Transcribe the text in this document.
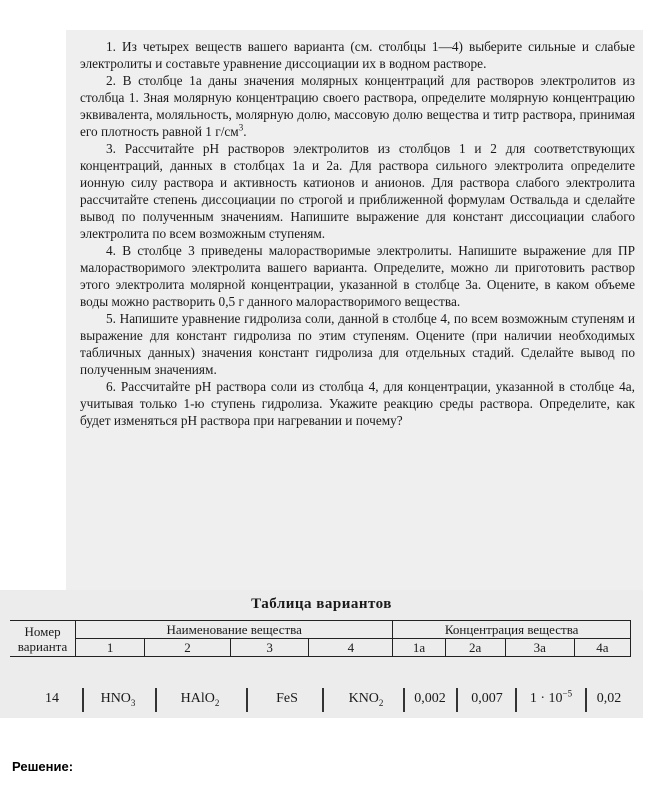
1. Из четырех веществ вашего варианта (см. столбцы 1—4) выберите сильные и слабые электролиты и составьте уравнение диссоциации их в водном растворе.

2. В столбце 1а даны значения молярных концентраций для растворов электролитов из столбца 1. Зная молярную концентрацию своего раствора, определите молярную концентрацию эквивалента, моляльность, молярную долю, массовую долю вещества и титр раствора, принимая его плотность равной 1 $г/см^3$.

3. Рассчитайте рН растворов электролитов из столбцов 1 и 2 для соответствующих концентраций, данных в столбцах 1а и 2а. Для раствора сильного электролита определите ионную силу раствора и активность катионов и анионов. Для раствора слабого электролита рассчитайте степень диссоциации по строгой и приближенной формулам Оствальда и сделайте вывод по полученным значениям. Напишите выражение для констант диссоциации слабого электролита по всем возможным ступеням.

4. В столбце 3 приведены малорастворимые электролиты. Напишите выражение для ПР малорастворимого электролита вашего варианта. Определите, можно ли приготовить раствор этого электролита молярной концентрации, указанной в столбце 3а. Оцените, в каком объеме воды можно растворить 0,5 г данного малорастворимого вещества.

5. Напишите уравнение гидролиза соли, данной в столбце 4, по всем возможным ступеням и выражение для констант гидролиза по этим ступеням. Оцените (при наличии необходимых табличных данных) значения констант гидролиза для отдельных стадий. Сделайте вывод по полученным значениям.

6. Рассчитайте рН раствора соли из столбца 4, для концентрации, указанной в столбце 4а, учитывая только 1-ю ступень гидролиза. Укажите реакцию среды раствора. Определите, как будет изменяться рН раствора при нагревании и почему?

Таблица вариантов
Номер варианта	Наименование вещества				Концентрация вещества			
	1	2	3	4	1а	2а	3а	4а
14	$HNO_3$	HAlO$_2$	FeS	$KNO_2$	0,002	0,007	$1 \cdot 10^{-5}$	0,02
Решение:
